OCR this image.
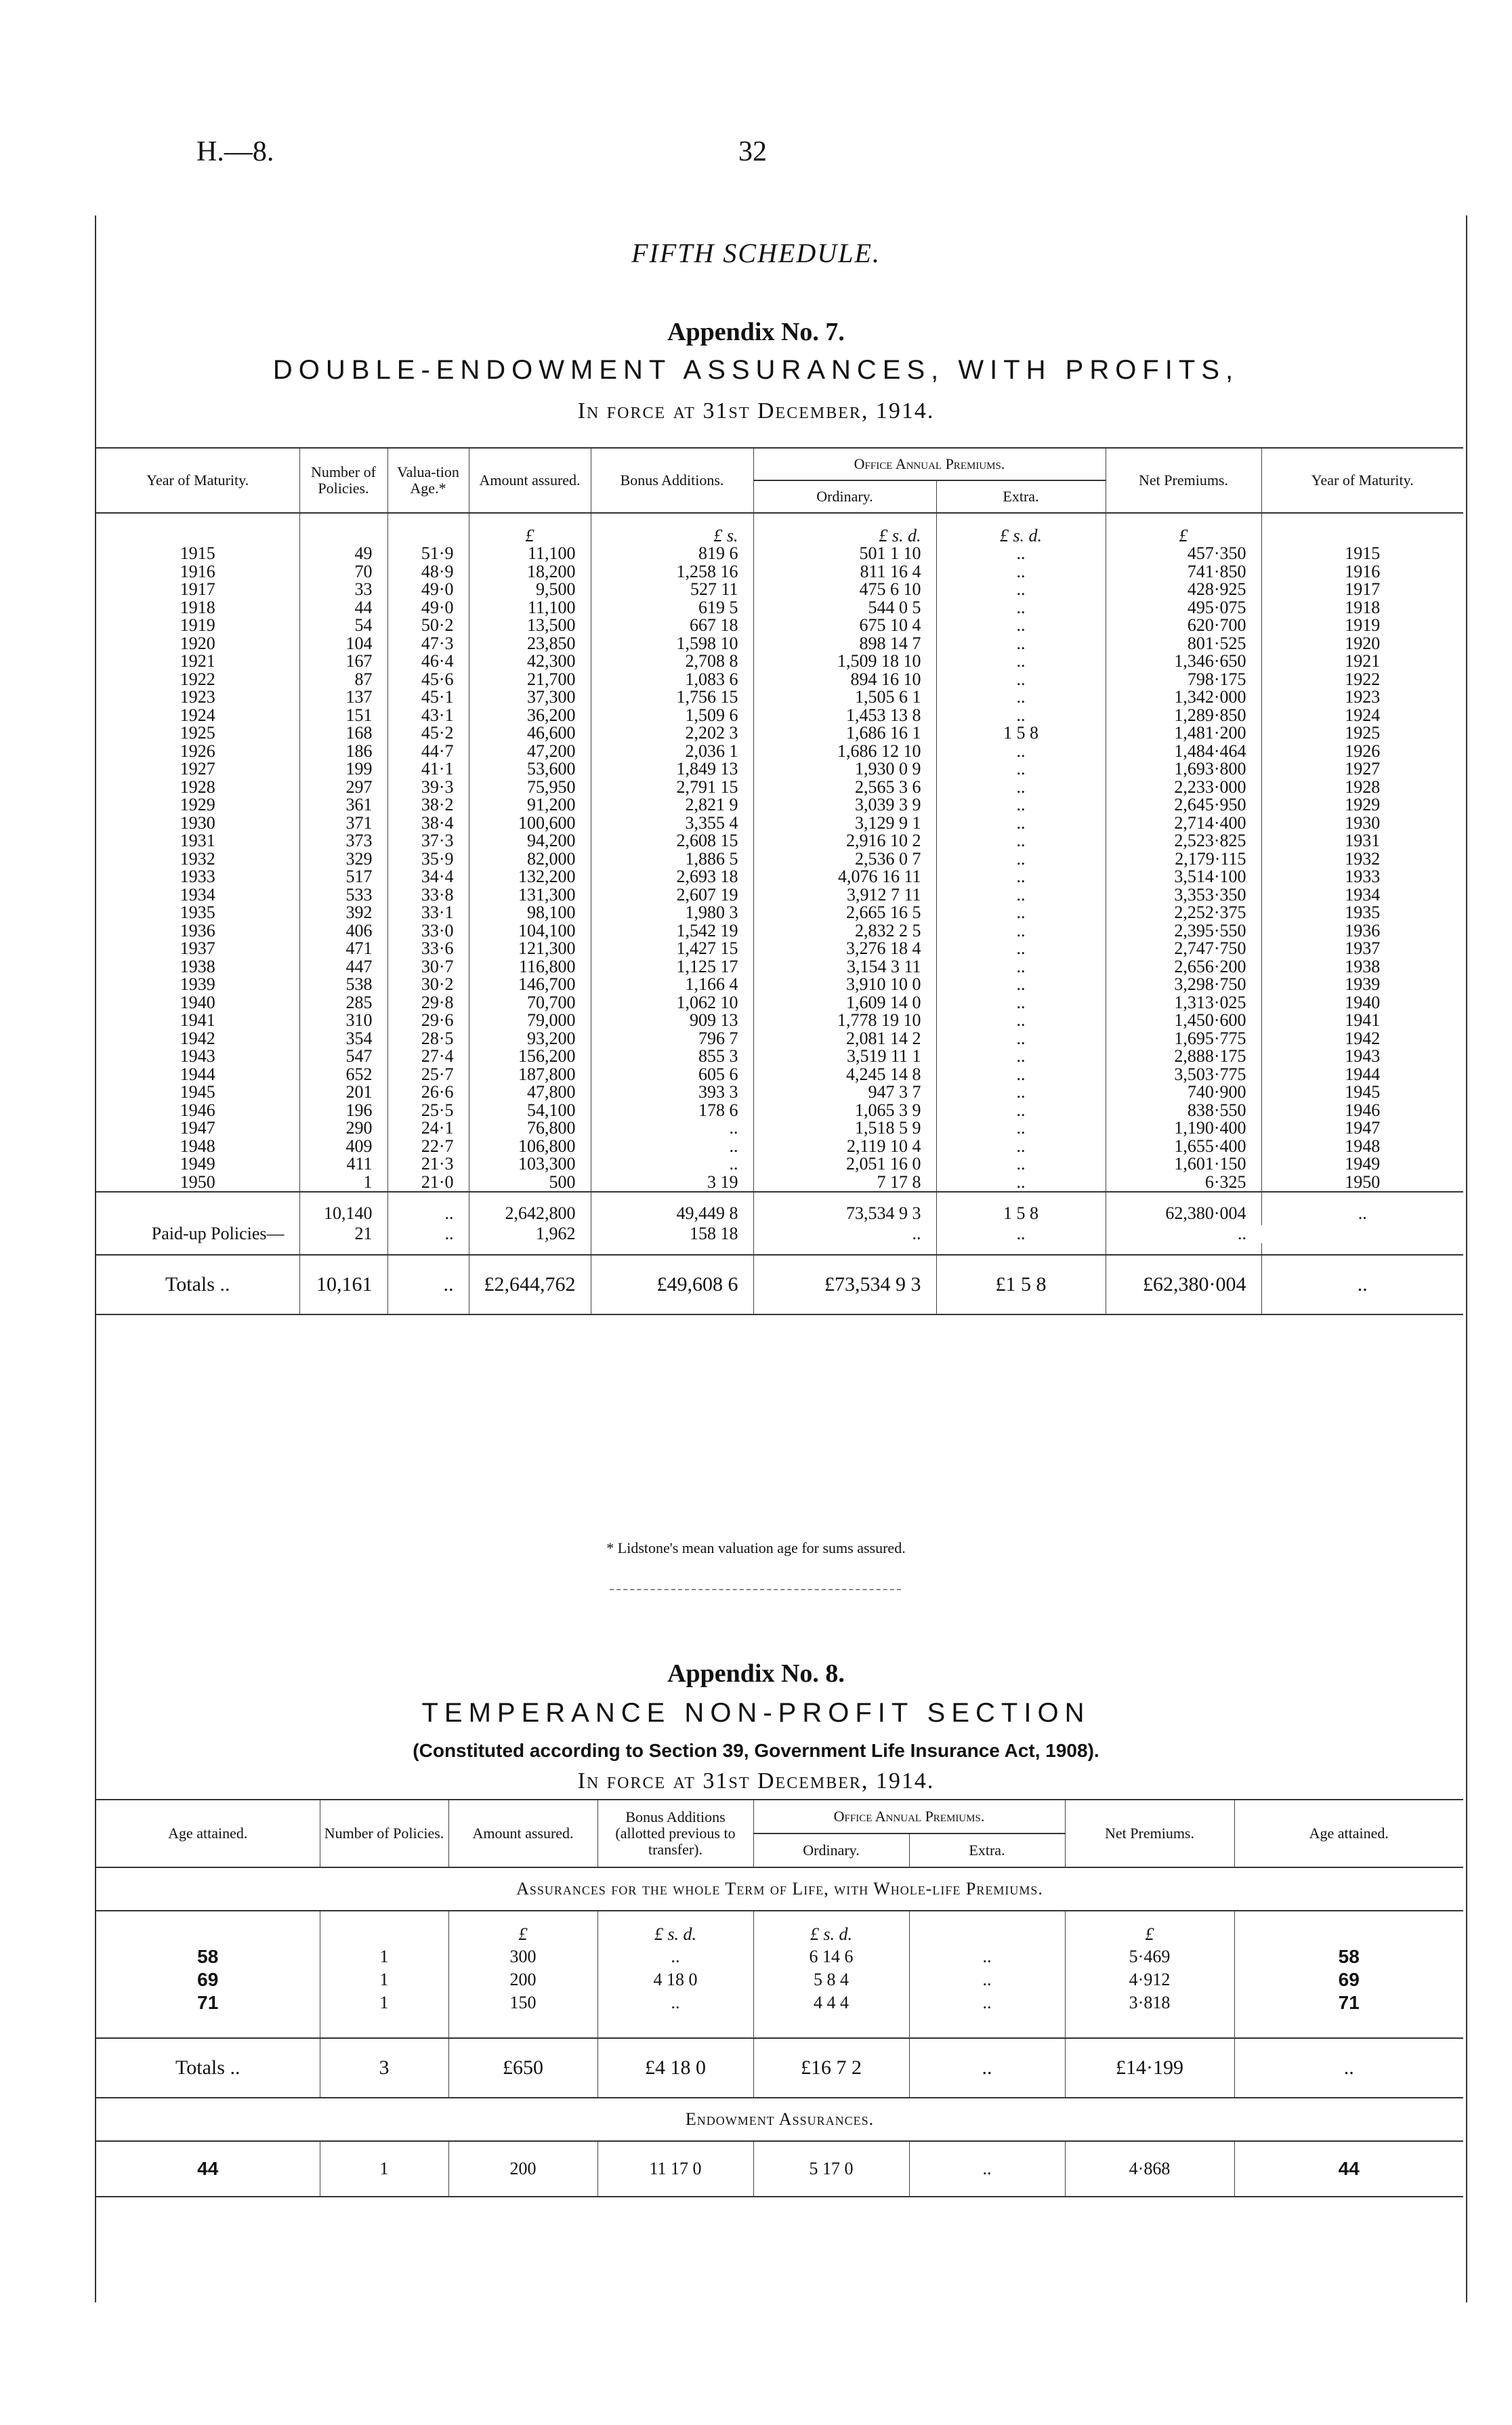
H.—8.	32
FIFTH SCHEDULE.
Appendix No. 7.
DOUBLE-ENDOWMENT ASSURANCES, WITH PROFITS,
In force at 31st December, 1914.
Year of Maturity.	Number of Policies.	Valua-tion Age.*	Amount assured.	Bonus Additions.	Office Annual Premiums.		Net Premiums.	Year of Maturity.
					Ordinary.	Extra.		
			£	£ s.	£ s. d.	£ s. d.	£	
1915	49	51·9	11,100	819 6	501 1 10	..	457·350	1915
1916	70	48·9	18,200	1,258 16	811 16 4	..	741·850	1916
1917	33	49·0	9,500	527 11	475 6 10	..	428·925	1917
1918	44	49·0	11,100	619 5	544 0 5	..	495·075	1918
1919	54	50·2	13,500	667 18	675 10 4	..	620·700	1919
1920	104	47·3	23,850	1,598 10	898 14 7	..	801·525	1920
1921	167	46·4	42,300	2,708 8	1,509 18 10	..	1,346·650	1921
1922	87	45·6	21,700	1,083 6	894 16 10	..	798·175	1922
1923	137	45·1	37,300	1,756 15	1,505 6 1	..	1,342·000	1923
1924	151	43·1	36,200	1,509 6	1,453 13 8	..	1,289·850	1924
1925	168	45·2	46,600	2,202 3	1,686 16 1	1 5 8	1,481·200	1925
1926	186	44·7	47,200	2,036 1	1,686 12 10	..	1,484·464	1926
1927	199	41·1	53,600	1,849 13	1,930 0 9	..	1,693·800	1927
1928	297	39·3	75,950	2,791 15	2,565 3 6	..	2,233·000	1928
1929	361	38·2	91,200	2,821 9	3,039 3 9	..	2,645·950	1929
1930	371	38·4	100,600	3,355 4	3,129 9 1	..	2,714·400	1930
1931	373	37·3	94,200	2,608 15	2,916 10 2	..	2,523·825	1931
1932	329	35·9	82,000	1,886 5	2,536 0 7	..	2,179·115	1932
1933	517	34·4	132,200	2,693 18	4,076 16 11	..	3,514·100	1933
1934	533	33·8	131,300	2,607 19	3,912 7 11	..	3,353·350	1934
1935	392	33·1	98,100	1,980 3	2,665 16 5	..	2,252·375	1935
1936	406	33·0	104,100	1,542 19	2,832 2 5	..	2,395·550	1936
1937	471	33·6	121,300	1,427 15	3,276 18 4	..	2,747·750	1937
1938	447	30·7	116,800	1,125 17	3,154 3 11	..	2,656·200	1938
1939	538	30·2	146,700	1,166 4	3,910 10 0	..	3,298·750	1939
1940	285	29·8	70,700	1,062 10	1,609 14 0	..	1,313·025	1940
1941	310	29·6	79,000	909 13	1,778 19 10	..	1,450·600	1941
1942	354	28·5	93,200	796 7	2,081 14 2	..	1,695·775	1942
1943	547	27·4	156,200	855 3	3,519 11 1	..	2,888·175	1943
1944	652	25·7	187,800	605 6	4,245 14 8	..	3,503·775	1944
1945	201	26·6	47,800	393 3	947 3 7	..	740·900	1945
1946	196	25·5	54,100	178 6	1,065 3 9	..	838·550	1946
1947	290	24·1	76,800	..	1,518 5 9	..	1,190·400	1947
1948	409	22·7	106,800	..	2,119 10 4	..	1,655·400	1948
1949	411	21·3	103,300	..	2,051 16 0	..	1,601·150	1949
1950	1	21·0	500	3 19	7 17 8	..	6·325	1950
	10,140	..	2,642,800	49,449 8	73,534 9 3	1 5 8	62,380·004	..
Paid-up Policies—	21	..	1,962	158 18	..	..	..	

Totals ..	10,161	..	£2,644,762	£49,608 6	£73,534 9 3	£1 5 8	£62,380·004	..
* Lidstone's mean valuation age for sums assured.
Appendix No. 8.
TEMPERANCE NON-PROFIT SECTION
(Constituted according to Section 39, Government Life Insurance Act, 1908).
In force at 31st December, 1914.
Age attained.	Number of Policies.	Amount assured.	Bonus Additions (allotted previous to transfer).	Office Annual Premiums.		Net Premiums.	Age attained.
				Ordinary.	Extra.		
Assurances for the whole Term of Life, with Whole-life Premiums.							
		£	£ s. d.	£ s. d.		£	
58	1	300	..	6 14 6	..	5·469	58
69	1	200	4 18 0	5 8 4	..	4·912	69
71	1	150	..	4 4 4	..	3·818	71

Totals ..	3	£650	£4 18 0	£16 7 2	..	£14·199	..
Endowment Assurances.							
44	1	200	11 17 0	5 17 0	..	4·868	44
